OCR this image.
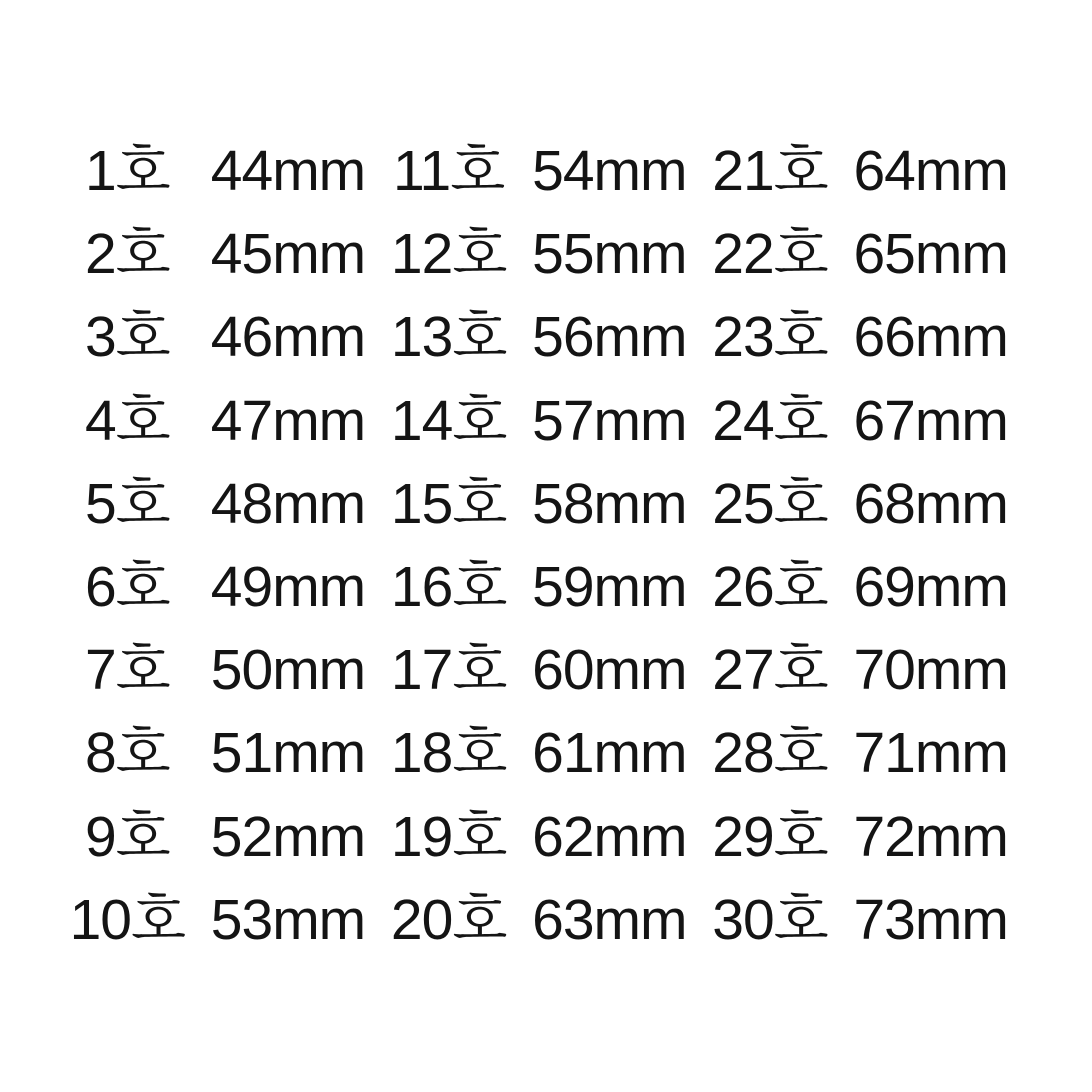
1호 44mm 11호 54mm 21호 64mm
2호 45mm 12호 55mm 22호 65mm
3호 46mm 13호 56mm 23호 66mm
4호 47mm 14호 57mm 24호 67mm
5호 48mm 15호 58mm 25호 68mm
6호 49mm 16호 59mm 26호 69mm
7호 50mm 17호 60mm 27호 70mm
8호 51mm 18호 61mm 28호 71mm
9호 52mm 19호 62mm 29호 72mm
10호 53mm 20호 63mm 30호 73mm
